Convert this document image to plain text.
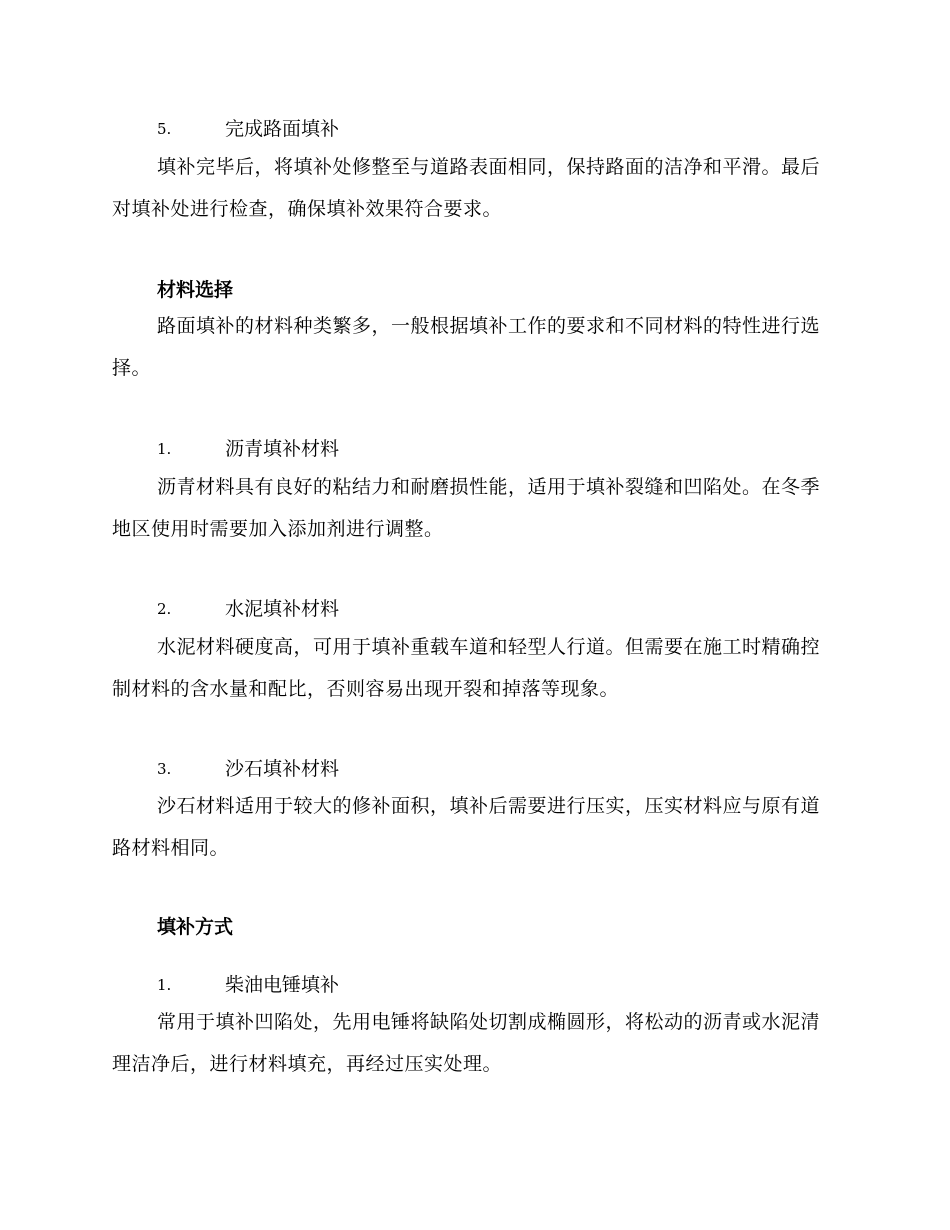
5.	完成路面填补

填补完毕后，将填补处修整至与道路表面相同，保持路面的洁净和平滑。最后对填补处进行检查，确保填补效果符合要求。

材料选择

路面填补的材料种类繁多，一般根据填补工作的要求和不同材料的特性进行选择。

1.	沥青填补材料

沥青材料具有良好的粘结力和耐磨损性能，适用于填补裂缝和凹陷处。在冬季地区使用时需要加入添加剂进行调整。

2.	水泥填补材料

水泥材料硬度高，可用于填补重载车道和轻型人行道。但需要在施工时精确控制材料的含水量和配比，否则容易出现开裂和掉落等现象。

3.	沙石填补材料

沙石材料适用于较大的修补面积，填补后需要进行压实，压实材料应与原有道路材料相同。

填补方式
1.	柴油电锤填补

常用于填补凹陷处，先用电锤将缺陷处切割成椭圆形，将松动的沥青或水泥清理洁净后，进行材料填充，再经过压实处理。
